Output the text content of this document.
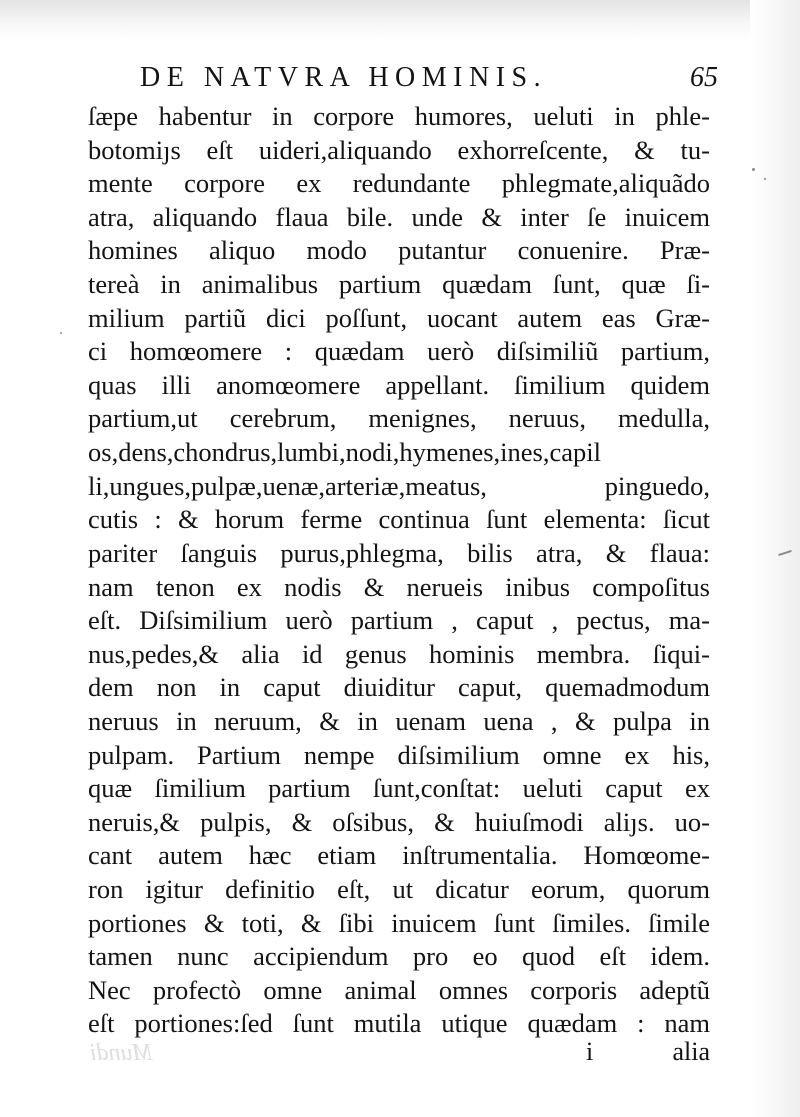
DE NATVRA HOMINIS.	65
ſæpe habentur in corpore humores, ueluti in phle‐
botomiȷs eſt uideri,aliquando exhorreſcente, & tu‐
mente corpore ex redundante phlegmate,aliquãdo
atra, aliquando flaua bile. unde & inter ſe inuicem
homines aliquo modo putantur conuenire. Præ‐
tereà in animalibus partium quædam ſunt, quæ ſi‐
milium partiũ dici poſſunt, uocant autem eas Græ‐
ci homœomere : quædam uerò diſsimiliũ partium,
quas illi anomœomere appellant. ſimilium quidem
partium,ut cerebrum, menignes, neruus, medulla,
os,dens,chondrus,lumbi,nodi,hymenes,ines,capil
li,ungues,pulpæ,uenæ,arteriæ,meatus, pinguedo,
cutis : & horum ferme continua ſunt elementa: ſicut
pariter ſanguis purus,phlegma, bilis atra, & flaua:
nam tenon ex nodis & nerueis inibus compoſitus
eſt. Diſsimilium uerò partium , caput , pectus, ma‐
nus,pedes,& alia id genus hominis membra. ſiqui‐
dem non in caput diuiditur caput, quemadmodum
neruus in neruum, & in uenam uena , & pulpa in
pulpam. Partium nempe diſsimilium omne ex his,
quæ ſimilium partium ſunt,conſtat: ueluti caput ex
neruis,& pulpis, & oſsibus, & huiuſmodi aliȷs. uo‐
cant autem hæc etiam inſtrumentalia. Homœome‐
ron igitur definitio eſt, ut dicatur eorum, quorum
portiones & toti, & ſibi inuicem ſunt ſimiles. ſimile
tamen nunc accipiendum pro eo quod eſt idem.
Nec profectò omne animal omnes corporis adeptũ
eſt portiones:ſed ſunt mutila utique quædam : nam
Mundi	i	alia
